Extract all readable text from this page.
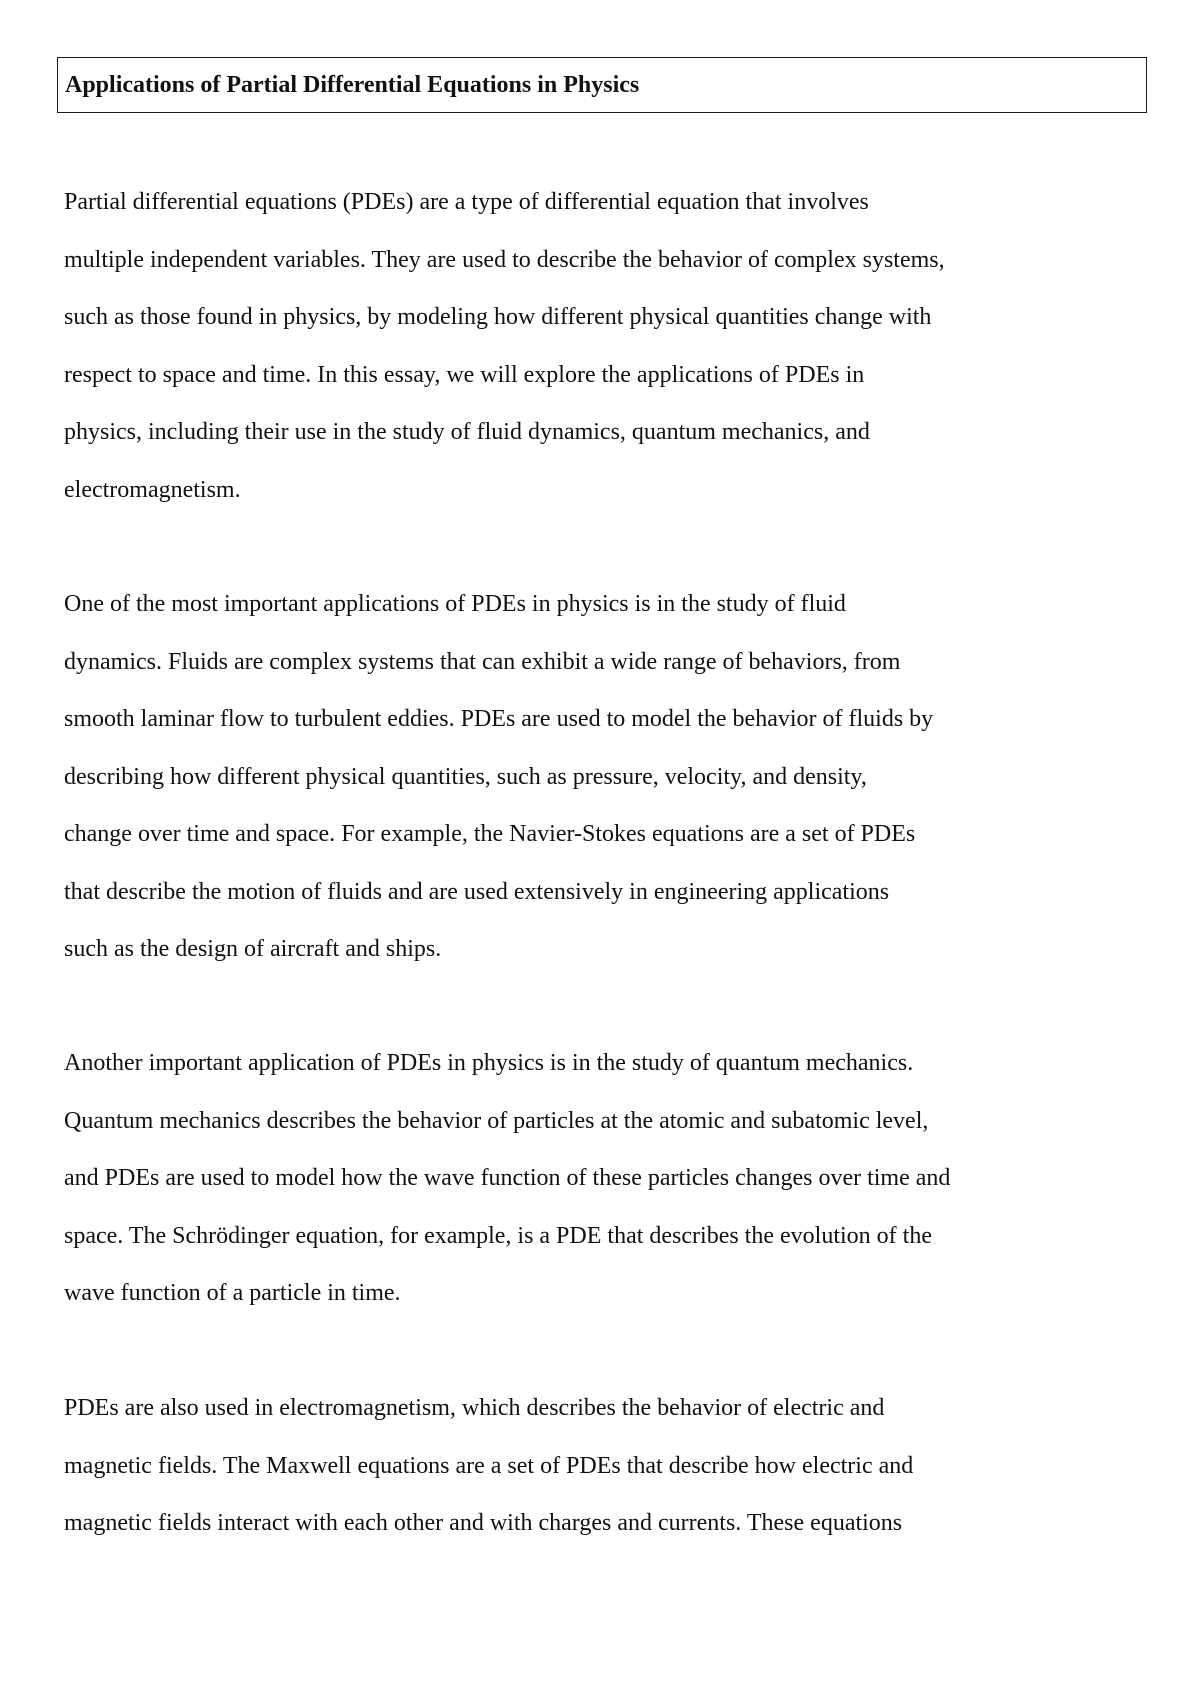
Applications of Partial Differential Equations in Physics
Partial differential equations (PDEs) are a type of differential equation that involves
multiple independent variables. They are used to describe the behavior of complex systems,
such as those found in physics, by modeling how different physical quantities change with
respect to space and time. In this essay, we will explore the applications of PDEs in
physics, including their use in the study of fluid dynamics, quantum mechanics, and
electromagnetism.
One of the most important applications of PDEs in physics is in the study of fluid
dynamics. Fluids are complex systems that can exhibit a wide range of behaviors, from
smooth laminar flow to turbulent eddies. PDEs are used to model the behavior of fluids by
describing how different physical quantities, such as pressure, velocity, and density,
change over time and space. For example, the Navier-Stokes equations are a set of PDEs
that describe the motion of fluids and are used extensively in engineering applications
such as the design of aircraft and ships.
Another important application of PDEs in physics is in the study of quantum mechanics.
Quantum mechanics describes the behavior of particles at the atomic and subatomic level,
and PDEs are used to model how the wave function of these particles changes over time and
space. The Schrödinger equation, for example, is a PDE that describes the evolution of the
wave function of a particle in time.
PDEs are also used in electromagnetism, which describes the behavior of electric and
magnetic fields. The Maxwell equations are a set of PDEs that describe how electric and
magnetic fields interact with each other and with charges and currents. These equations
